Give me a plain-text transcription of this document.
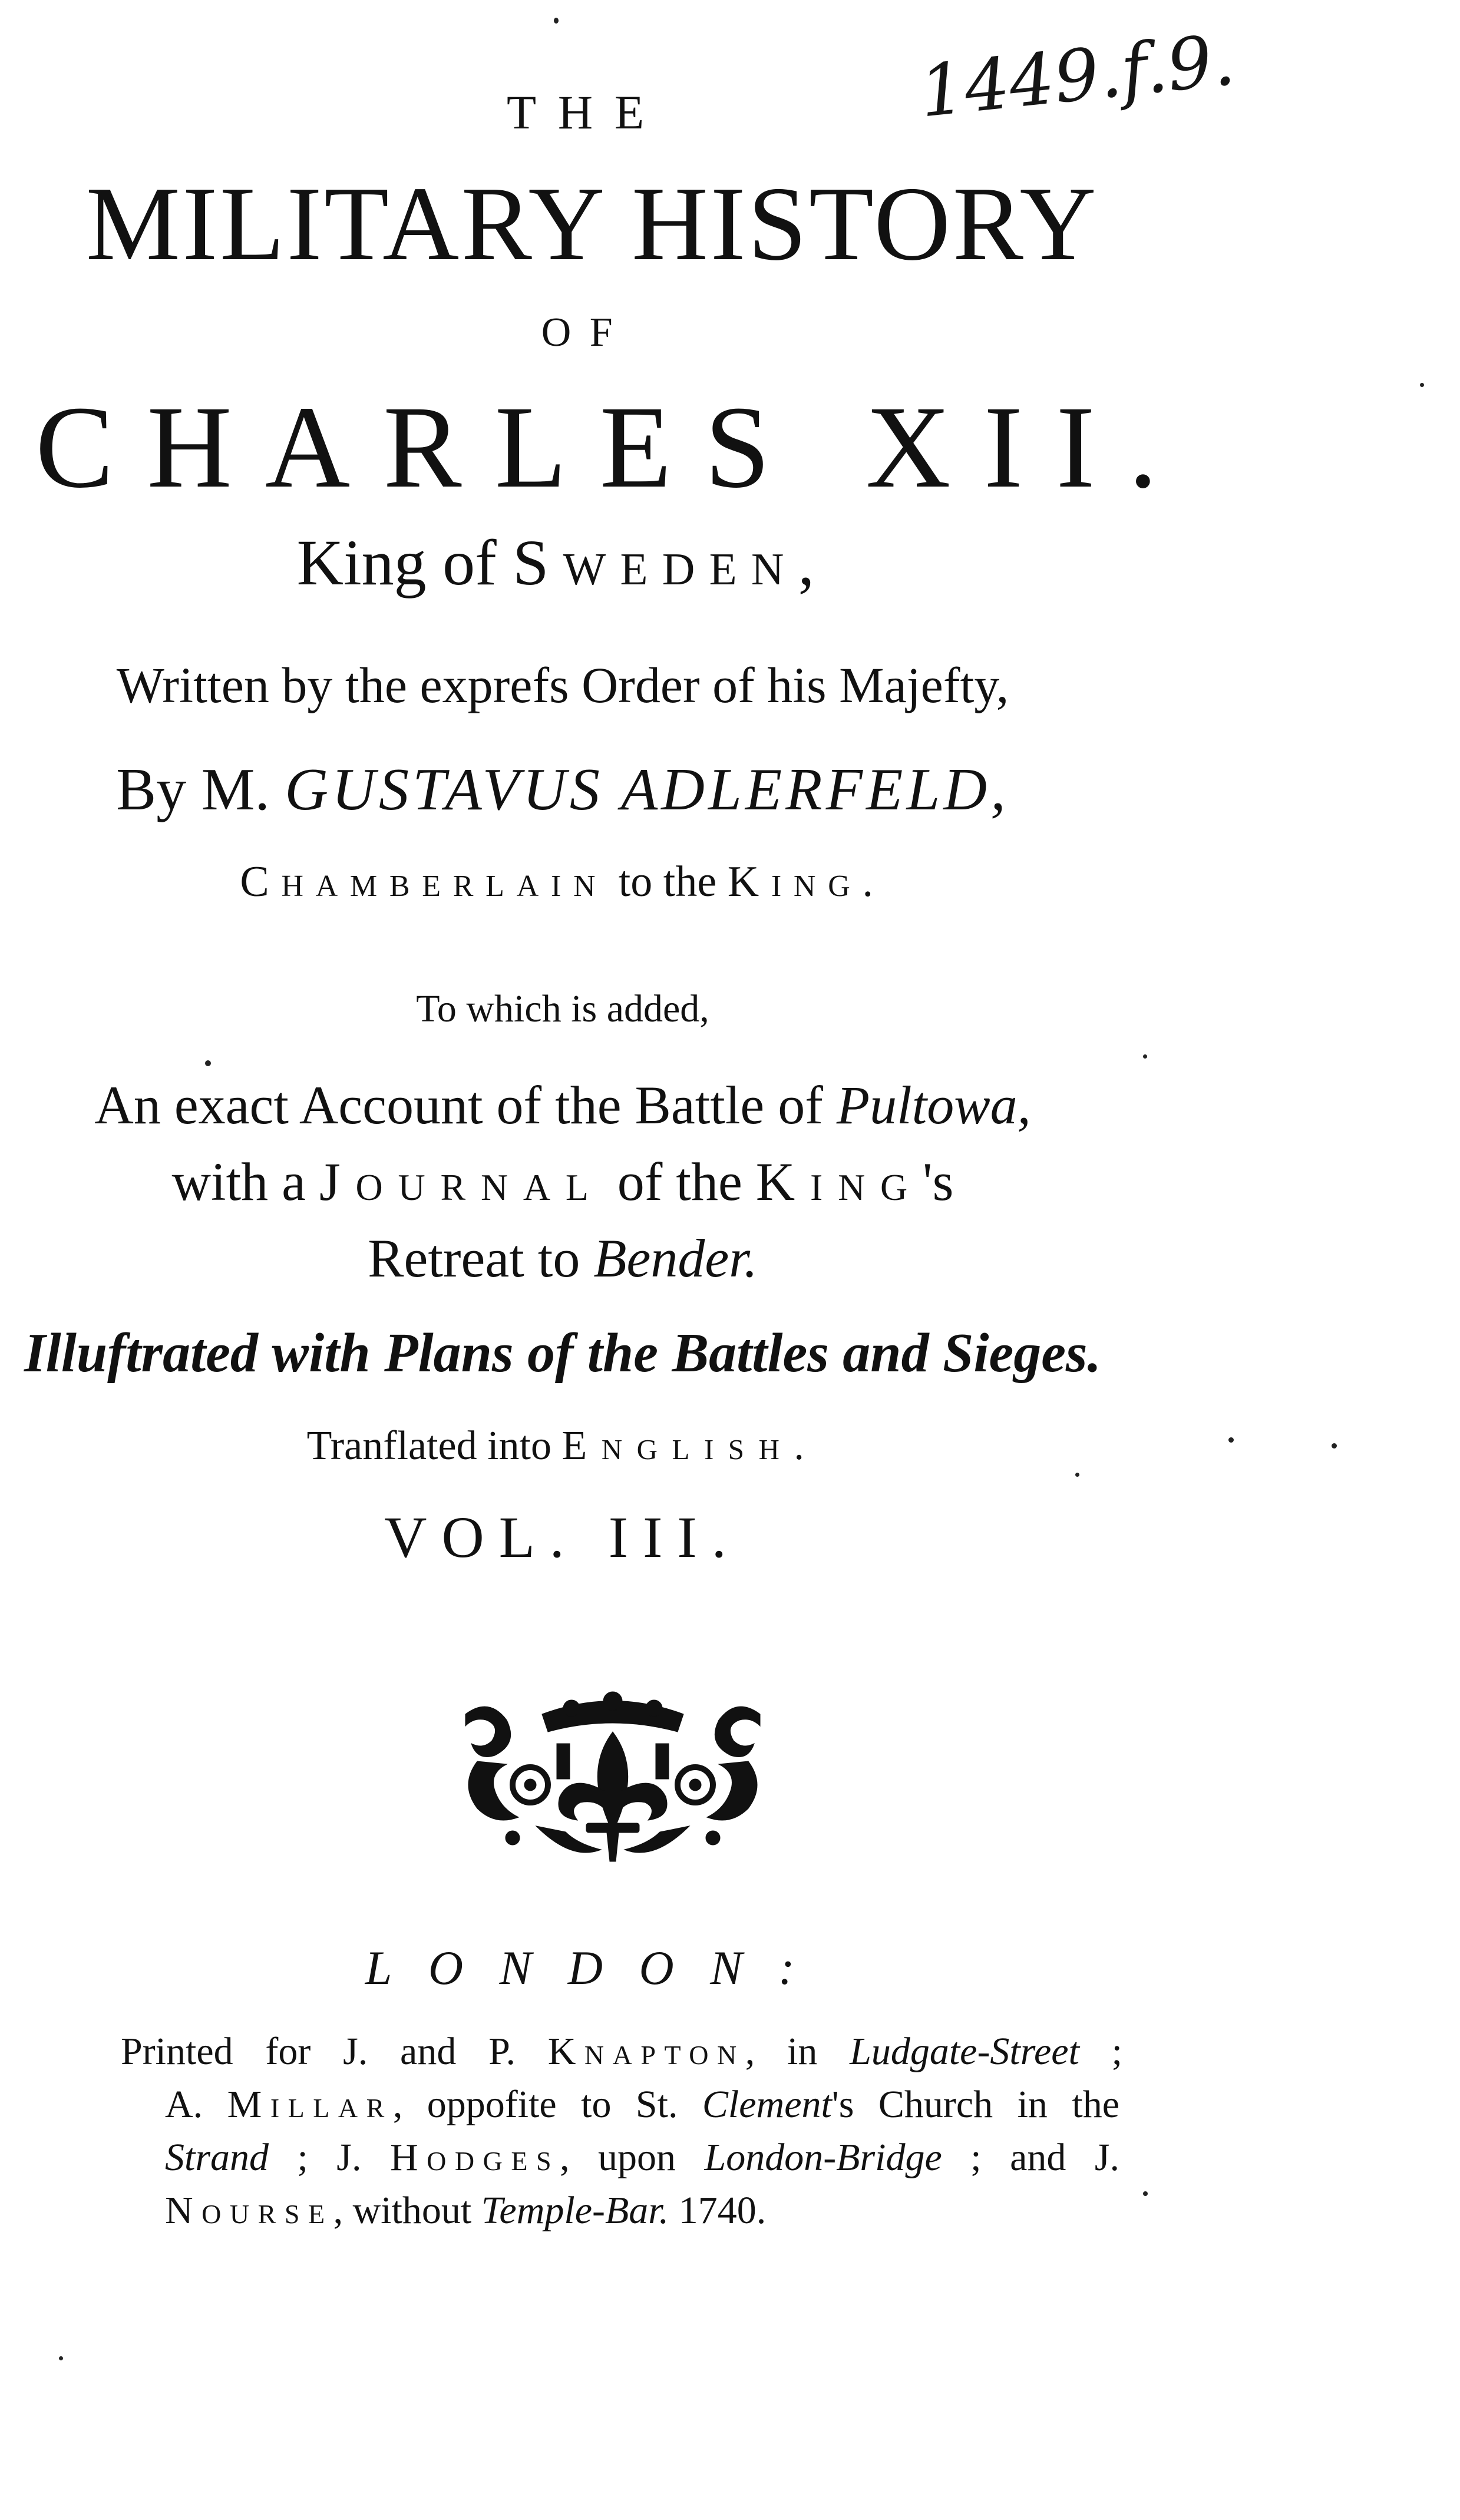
1449.f.9.
THE
MILITARY HISTORY
OF
CHARLES XII.
King of Sweden,
Written by the exprefs Order of his Majefty,
By M. GUSTAVUS ADLERFELD,
Chamberlain to the King.
To which is added,
An exact Account of the Battle of Pultowa,
with a Journal of the King's
Retreat to Bender.
Illuftrated with Plans of the Battles and Sieges.
Tranflated into English.
VOL. III.
LONDON:
Printed for J. and P. Knapton, in Ludgate-Street ;
A. Millar, oppofite to St. Clement's Church in the
Strand ; J. Hodges, upon London-Bridge ; and J.
Nourse, without Temple-Bar. 1740.
